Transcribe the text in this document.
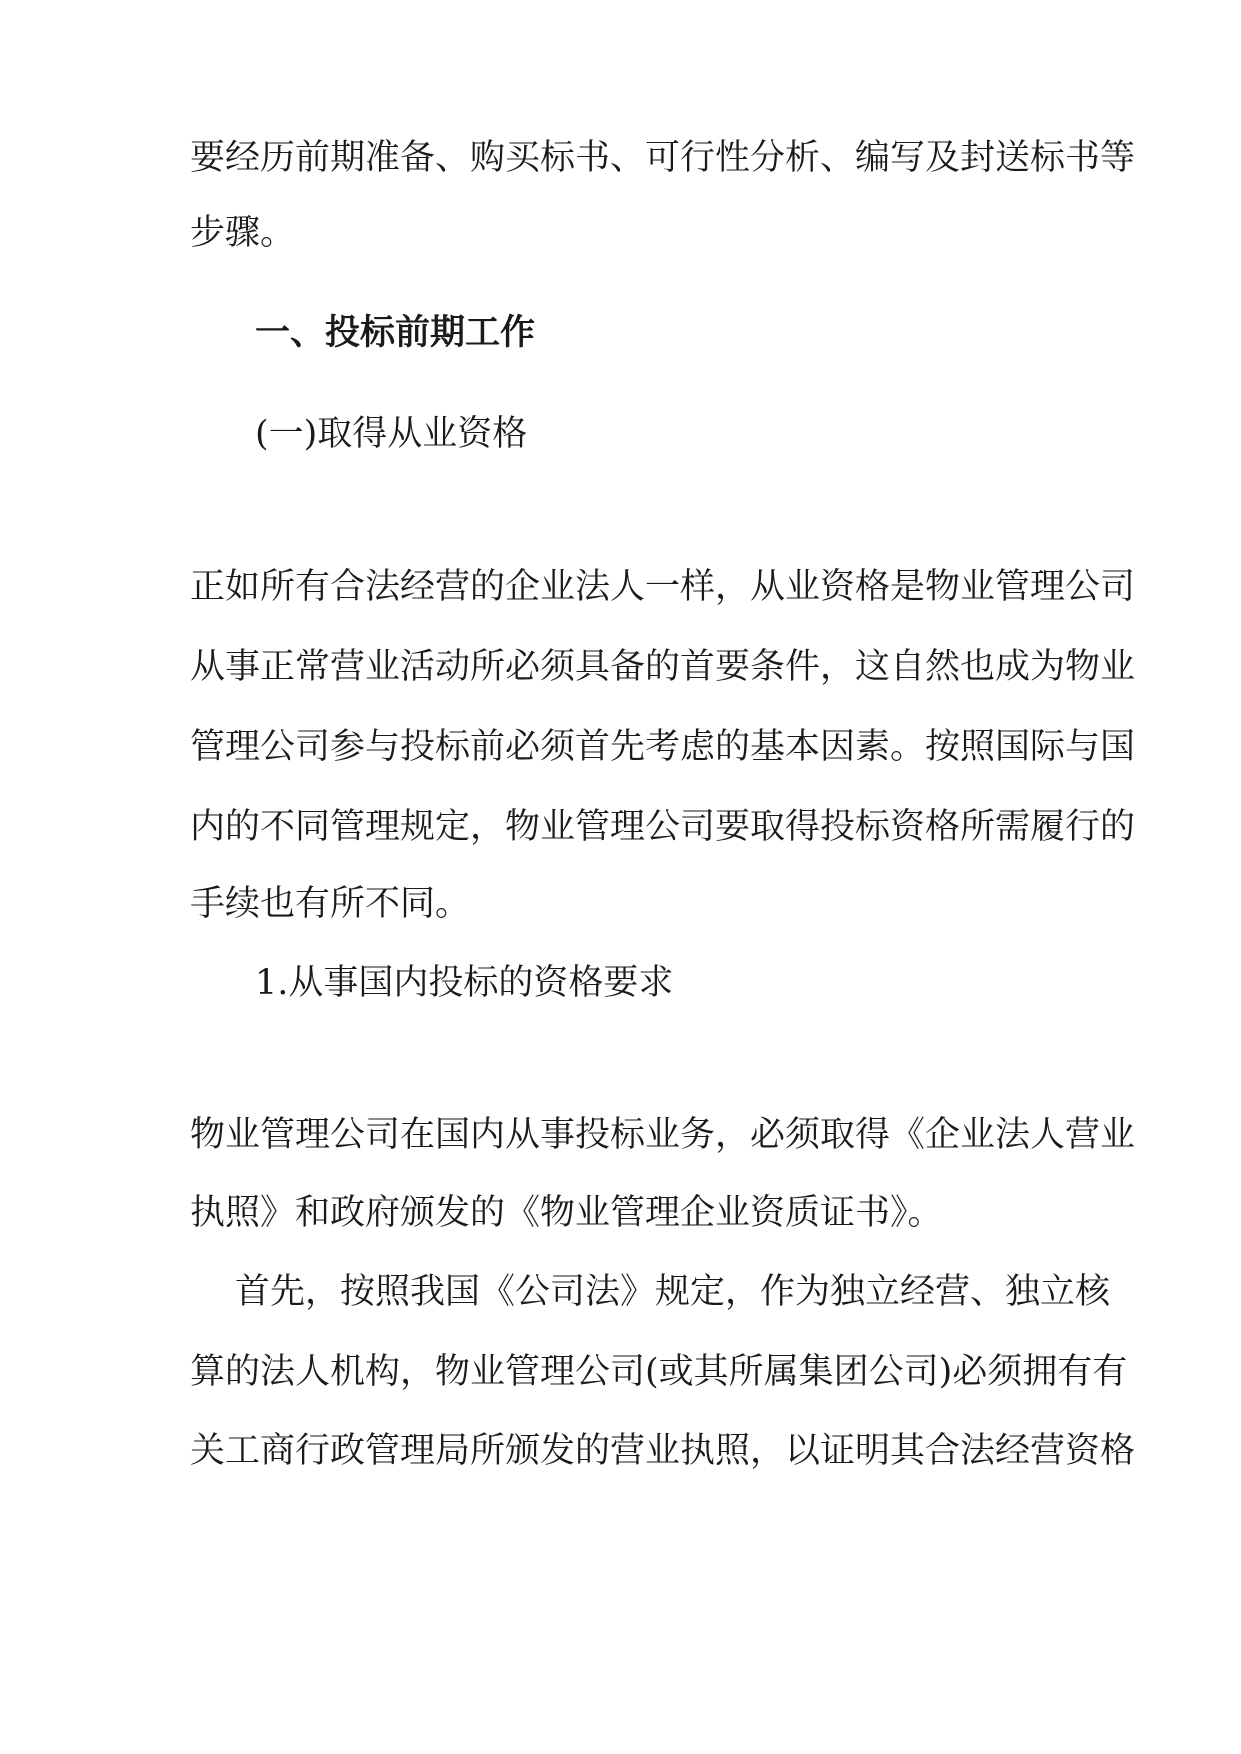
要经历前期准备、购买标书、可行性分析、编写及封送标书等
步骤。
一、投标前期工作
(一)取得从业资格
正如所有合法经营的企业法人一样，从业资格是物业管理公司
从事正常营业活动所必须具备的首要条件，这自然也成为物业
管理公司参与投标前必须首先考虑的基本因素。按照国际与国
内的不同管理规定，物业管理公司要取得投标资格所需履行的
手续也有所不同。
1.从事国内投标的资格要求
物业管理公司在国内从事投标业务，必须取得《企业法人营业
执照》和政府颁发的《物业管理企业资质证书》。
首先，按照我国《公司法》规定，作为独立经营、独立核
算的法人机构，物业管理公司(或其所属集团公司)必须拥有有
关工商行政管理局所颁发的营业执照，以证明其合法经营资格
